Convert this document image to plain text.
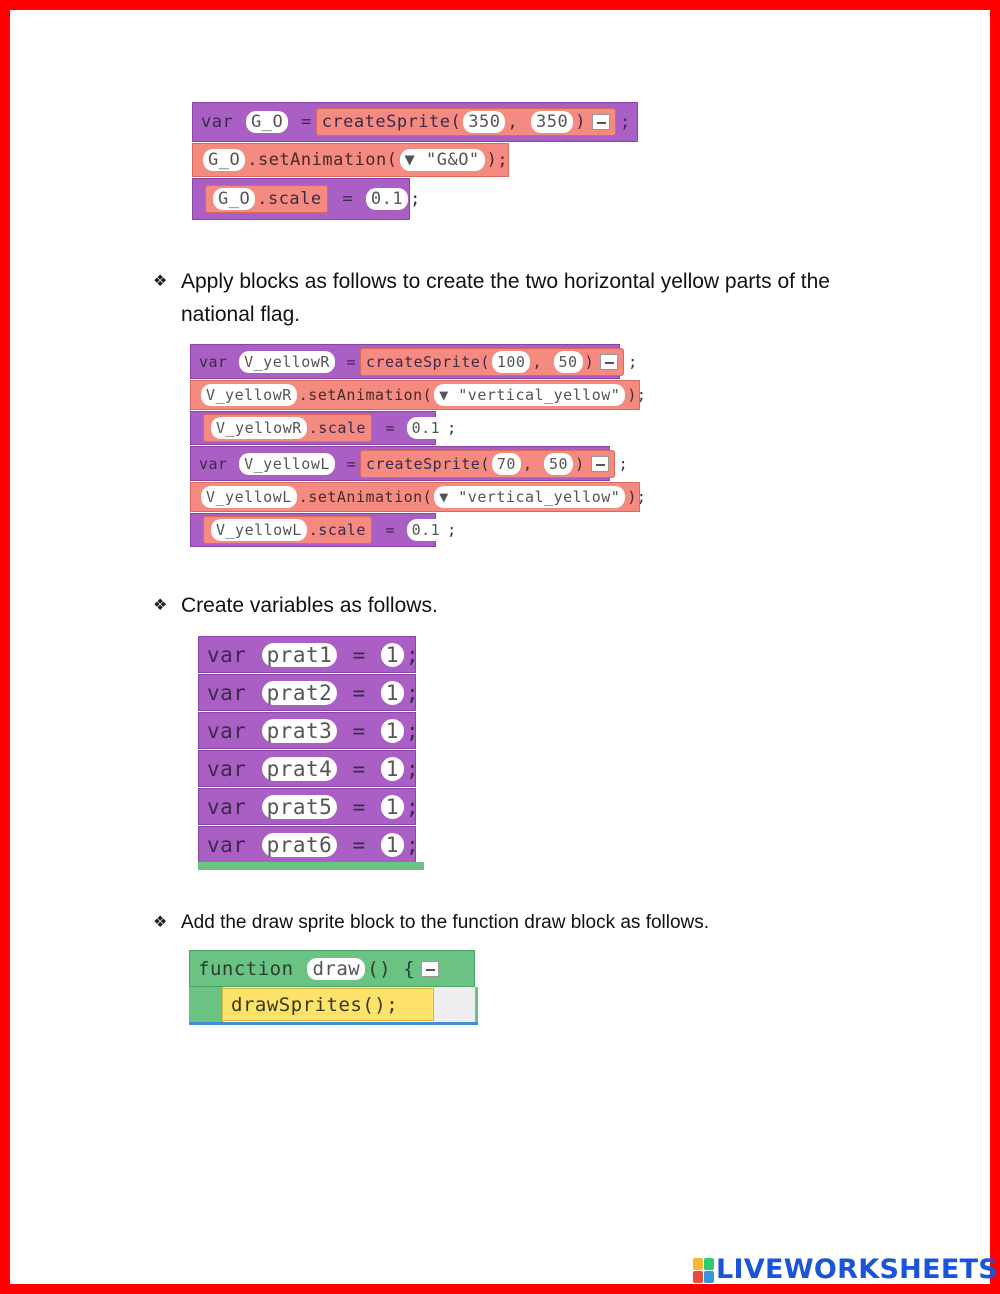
var
G_O
= createSprite( 350 ,
350 ) ;
G_O .setAnimation( ▼ "G&O" );
G_O .scale
=
0.1 ;
❖ Apply blocks as follows to create the two horizontal yellow parts of the national flag.
var
	V_yellowR
	= createSprite( 100 ,
	50 ) ;
V_yellowR .setAnimation( ▼ "vertical_yellow" );
V_yellowR .scale
=
	0.1 ;
var
	V_yellowL
	= createSprite( 70 ,
	50 ) ;
V_yellowL .setAnimation( ▼ "vertical_yellow" );
V_yellowL .scale
=
	0.1 ;
❖ Create variables as follows.
var
prat1
=
1 ;
var
prat2
=
1 ;
var
prat3
=
1 ;
var
prat4
=
1 ;
var
prat5
=
1 ;
var
prat6
=
1 ;
❖ Add the draw sprite block to the function draw block as follows.
function
draw ()
{
drawSprites();
LIVEWORKSHEETS
